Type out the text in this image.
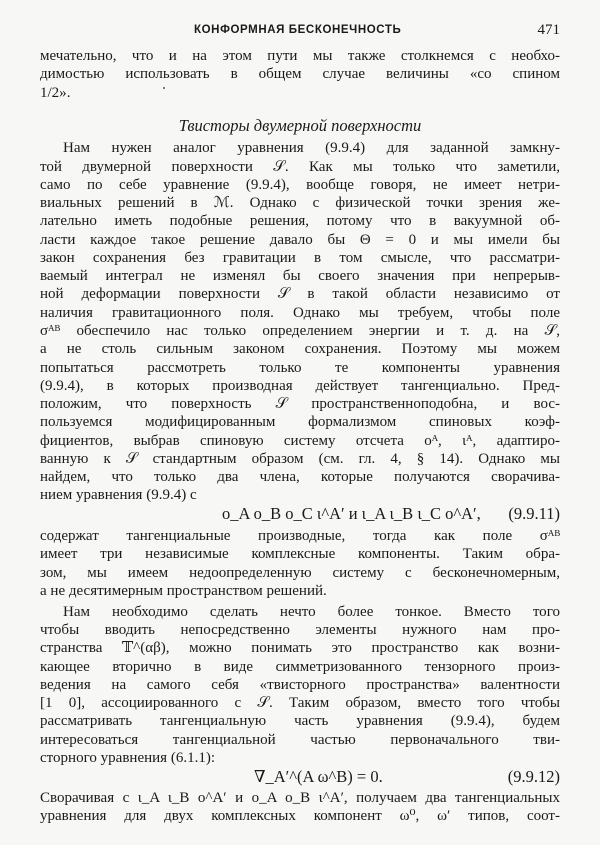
КОНФОРМНАЯ БЕСКОНЕЧНОСТЬ	471
мечательно, что и на этом пути мы также столкнемся с необхо-
димостью использовать в общем случае величины «со спином
1/2».
Твисторы двумерной поверхности
Нам нужен аналог уравнения (9.9.4) для заданной замкну-
той двумерной поверхности 𝒮. Как мы только что заметили,
само по себе уравнение (9.9.4), вообще говоря, не имеет нетри-
виальных решений в ℳ. Однако с физической точки зрения же-
лательно иметь подобные решения, потому что в вакуумной об-
ласти каждое такое решение давало бы Θ = 0 и мы имели бы
закон сохранения без гравитации в том смысле, что рассматри-
ваемый интеграл не изменял бы своего значения при непрерыв-
ной деформации поверхности 𝒮 в такой области независимо от
наличия гравитационного поля. Однако мы требуем, чтобы поле
σᴬᴮ обеспечило нас только определением энергии и т. д. на 𝒮,
а не столь сильным законом сохранения. Поэтому мы можем
попытаться рассмотреть только те компоненты уравнения
(9.9.4), в которых производная действует тангенциально. Пред-
положим, что поверхность 𝒮 пространственноподобна, и вос-
пользуемся модифицированным формализмом спиновых коэф-
фициентов, выбрав спиновую систему отсчета οᴬ, ιᴬ, адаптиро-
ванную к 𝒮 стандартным образом (см. гл. 4, § 14). Однако мы
найдем, что только два члена, которые получаются сворачива-
нием уравнения (9.9.4) с
ο_A ο_B ο_C ι^A′ и ι_A ι_B ι_C ο^A′, (9.9.11)
содержат тангенциальные производные, тогда как поле σᴬᴮ
имеет три независимые комплексные компоненты. Таким обра-
зом, мы имеем недоопределенную систему с бесконечномерным,
а не десятимерным пространством решений.
Нам необходимо сделать нечто более тонкое. Вместо того
чтобы вводить непосредственно элементы нужного нам про-
странства 𝕋^(αβ), можно понимать это пространство как возни-
кающее вторично в виде симметризованного тензорного произ-
ведения на самого себя «твисторного пространства» валентности
[1 0], ассоциированного с 𝒮. Таким образом, вместо того чтобы
рассматривать тангенциальную часть уравнения (9.9.4), будем
интересоваться тангенциальной частью первоначального тви-
сторного уравнения (6.1.1):
∇_A′^(A ω^B) = 0.	(9.9.12)
Сворачивая с ι_A ι_B ο^A′ и ο_A ο_B ι^A′, получаем два тангенциальных
уравнения для двух комплексных компонент ω⁰, ω′ типов, соот-
